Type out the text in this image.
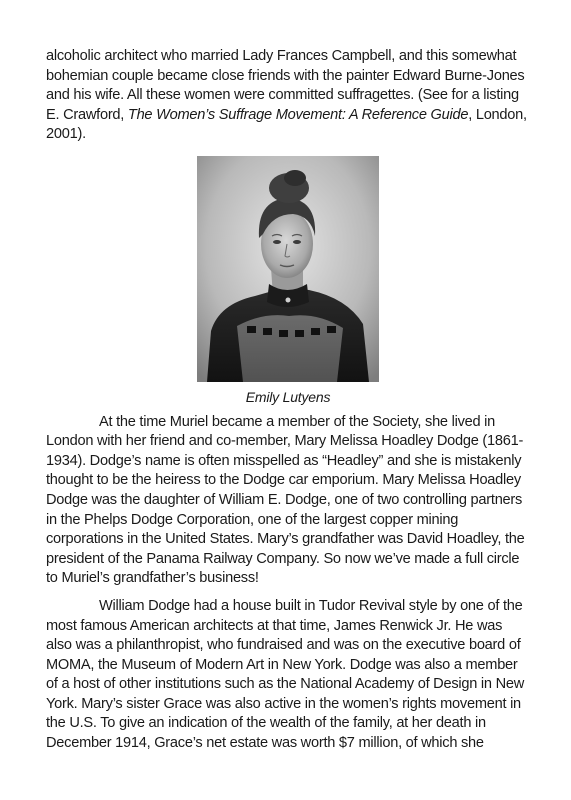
alcoholic architect who married Lady Frances Campbell, and this somewhat bohemian couple became close friends with the painter Edward Burne-Jones and his wife. All these women were committed suffragettes. (See for a listing E. Crawford, The Women’s Suffrage Movement: A Reference Guide, London, 2001).

Emily Lutyens

At the time Muriel became a member of the Society, she lived in London with her friend and co-member, Mary Melissa Hoadley Dodge (1861-1934). Dodge’s name is often misspelled as “Headley” and she is mistakenly thought to be the heiress to the Dodge car emporium. Mary Melissa Hoadley Dodge was the daughter of William E. Dodge, one of two controlling partners in the Phelps Dodge Corporation, one of the largest copper mining corporations in the United States. Mary’s grandfather was David Hoadley, the president of the Panama Railway Company. So now we’ve made a full circle to Muriel’s grandfather’s business!

William Dodge had a house built in Tudor Revival style by one of the most famous American architects at that time, James Renwick Jr. He was also was a philanthropist, who fundraised and was on the executive board of MOMA, the Museum of Modern Art in New York. Dodge was also a member of a host of other institutions such as the National Academy of Design in New York. Mary’s sister Grace was also active in the women’s rights movement in the U.S. To give an indication of the wealth of the family, at her death in December 1914, Grace’s net estate was worth $7 million, of which she
